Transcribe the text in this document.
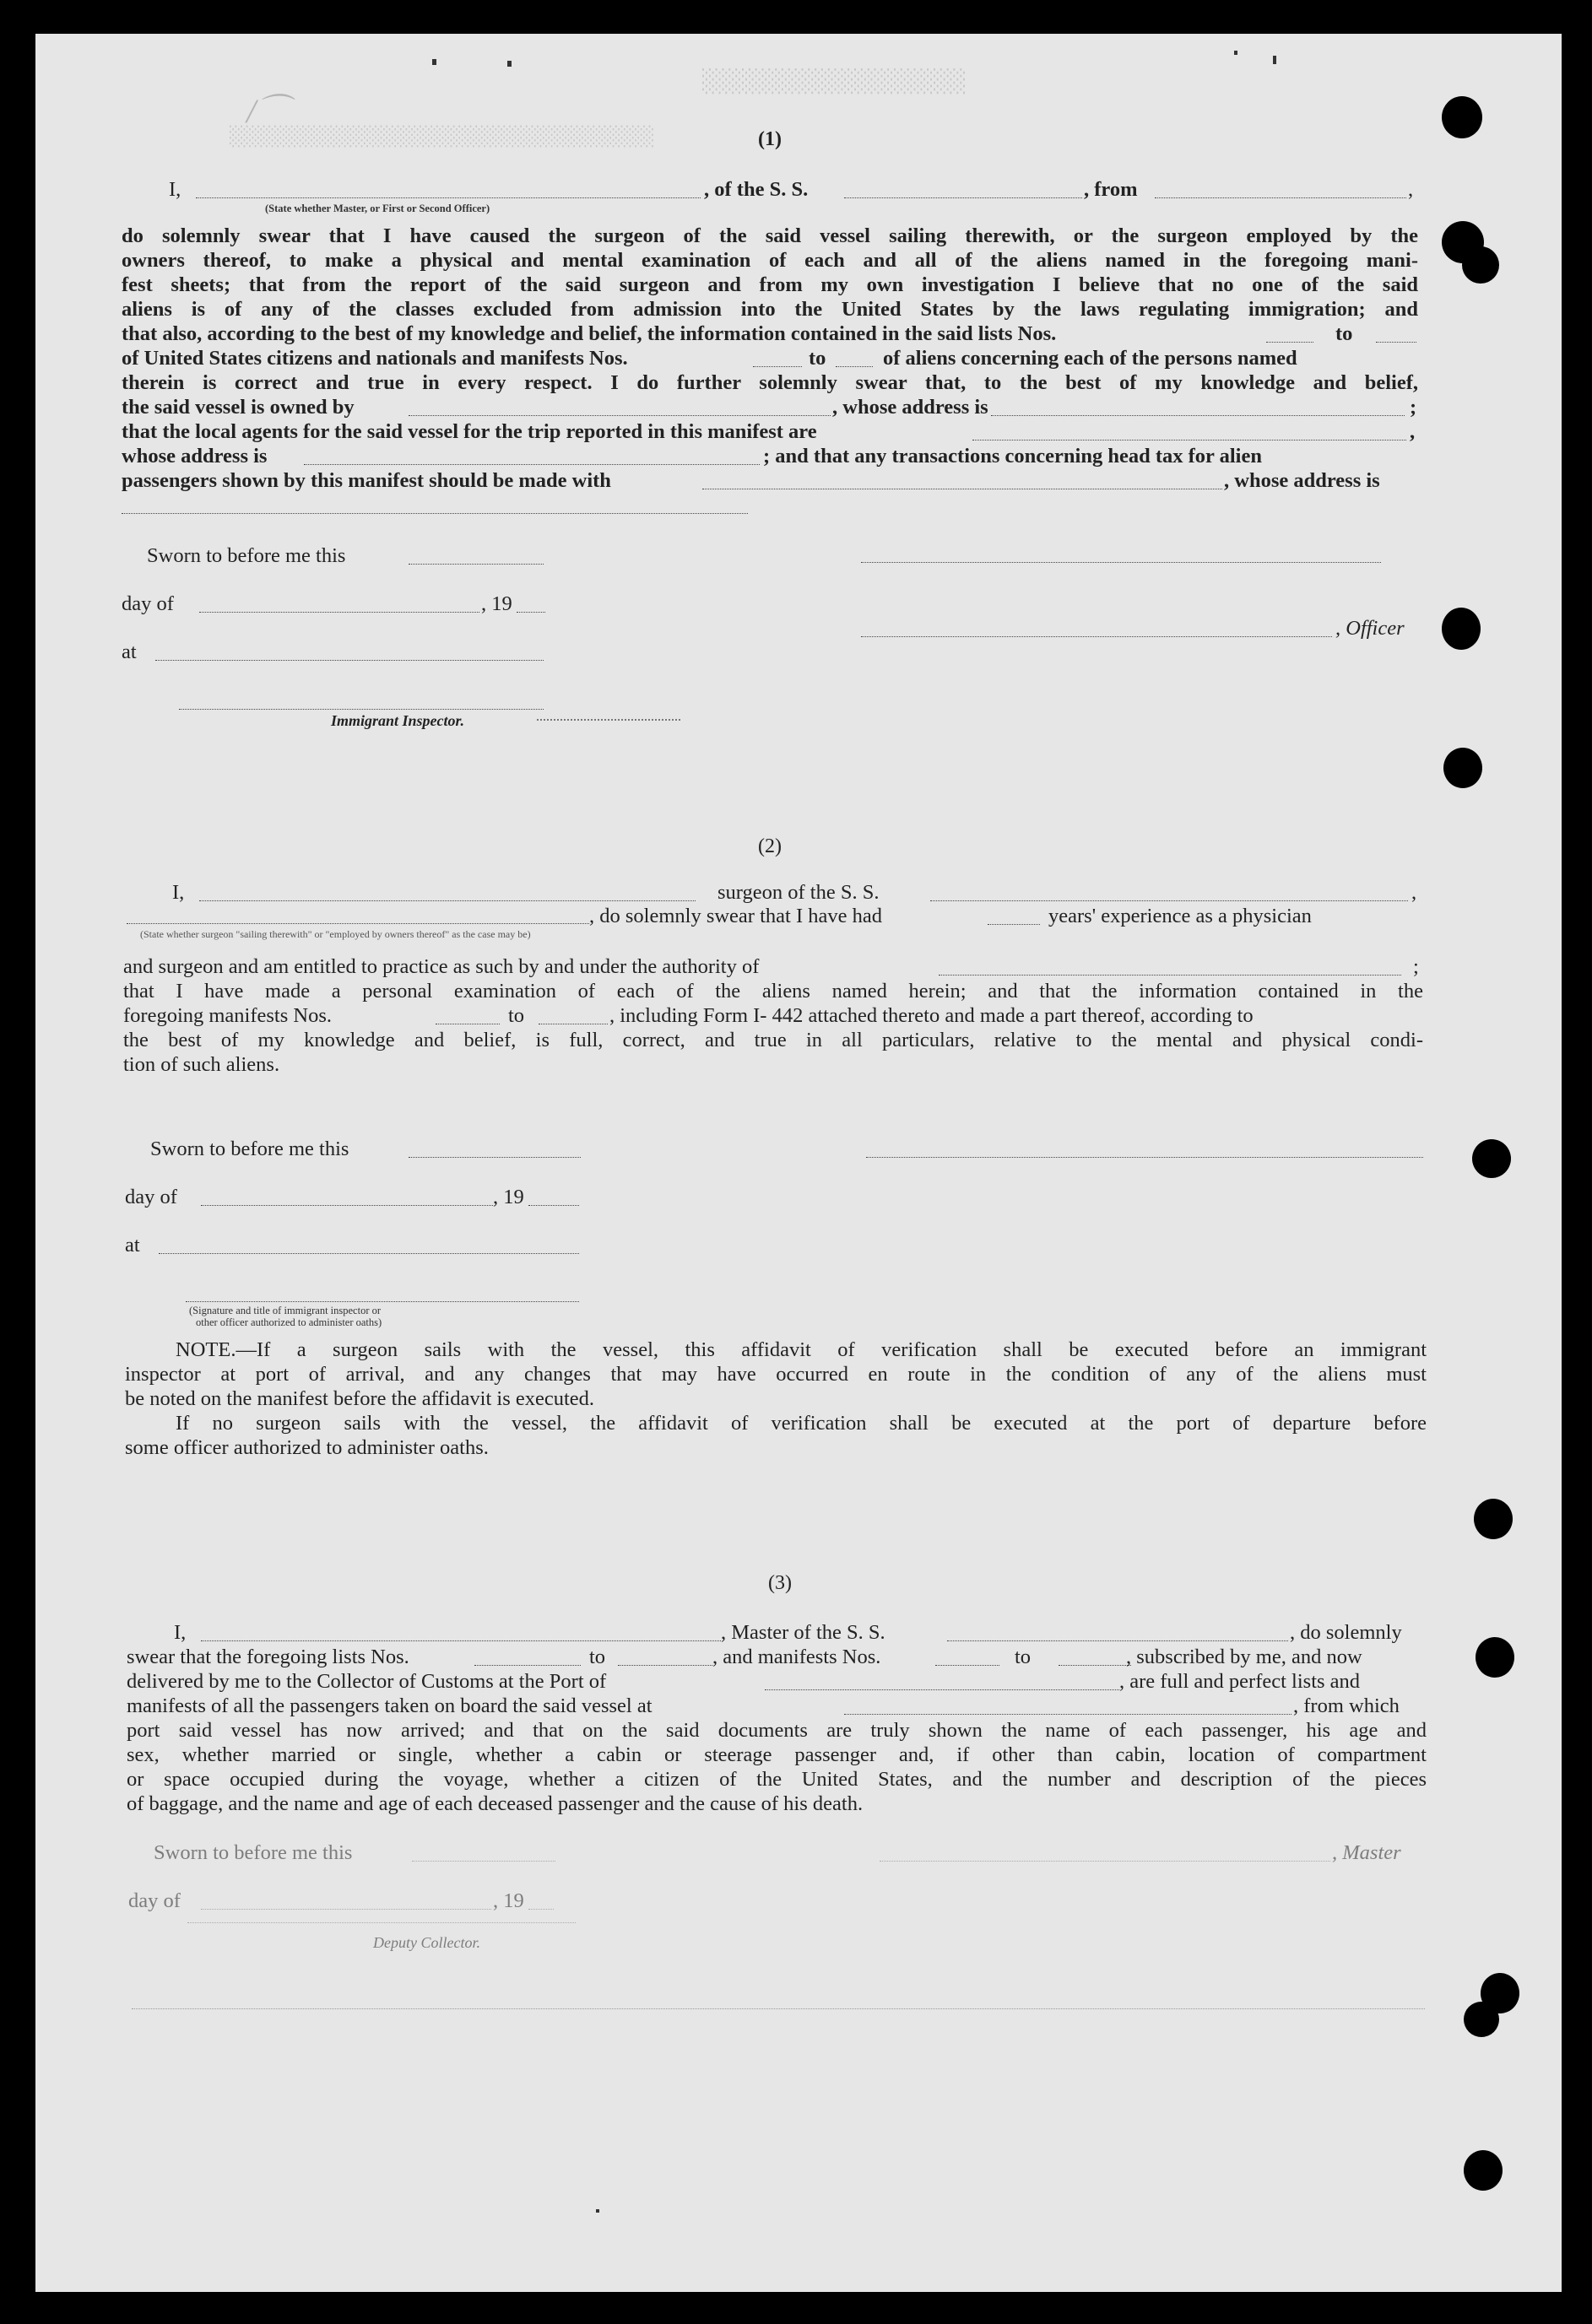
░░░░░░░░░░░░░░░░░░░░
░░░░░░░░░░░░░░░░░░░░░░░░░░░░░░░░░░░░░░
/⌒
(1)
I,
(State whether Master, or First or Second Officer)
, of the S. S.	, from	,
do solemnly swear that I have caused the surgeon of the said vessel sailing therewith, or the surgeon employed by the
owners thereof, to make a physical and mental examination of each and all of the aliens named in the foregoing mani-
fest sheets; that from the report of the said surgeon and from my own investigation I believe that no one of the said
aliens is of any of the classes excluded from admission into the United States by the laws regulating immigration; and
that also, according to the best of my knowledge and belief, the information contained in the said lists Nos.	to
of United States citizens and nationals and manifests Nos.	to	of aliens concerning each of the persons named
therein is correct and true in every respect. I do further solemnly swear that, to the best of my knowledge and belief,
the said vessel is owned by	, whose address is	;
that the local agents for the said vessel for the trip reported in this manifest are	,
whose address is	; and that any transactions concerning head tax for alien
passengers shown by this manifest should be made with	, whose address is
Sworn to before me this
day of	, 19
, Officer
at
Immigrant Inspector.
(2)
I,	surgeon of the S. S.	,
, do solemnly swear that I have had	years' experience as a physician
(State whether surgeon "sailing therewith" or "employed by owners thereof" as the case may be)
and surgeon and am entitled to practice as such by and under the authority of	;
that I have made a personal examination of each of the aliens named herein; and that the information contained in the
foregoing manifests Nos.	to	, including Form I- 442 attached thereto and made a part thereof, according to
the best of my knowledge and belief, is full, correct, and true in all particulars, relative to the mental and physical condi-
tion of such aliens.
Sworn to before me this
day of	, 19
at
(Signature and title of immigrant inspector or
other officer authorized to administer oaths)
NOTE.—If a surgeon sails with the vessel, this affidavit of verification shall be executed before an immigrant
inspector at port of arrival, and any changes that may have occurred en route in the condition of any of the aliens must
be noted on the manifest before the affidavit is executed.
If no surgeon sails with the vessel, the affidavit of verification shall be executed at the port of departure before
some officer authorized to administer oaths.
(3)
I,	, Master of the S. S.	, do solemnly
swear that the foregoing lists Nos.	to	, and manifests Nos.	to	, subscribed by me, and now
delivered by me to the Collector of Customs at the Port of	, are full and perfect lists and
manifests of all the passengers taken on board the said vessel at	, from which
port said vessel has now arrived; and that on the said documents are truly shown the name of each passenger, his age and
sex, whether married or single, whether a cabin or steerage passenger and, if other than cabin, location of compartment
or space occupied during the voyage, whether a citizen of the United States, and the number and description of the pieces
of baggage, and the name and age of each deceased passenger and the cause of his death.
Sworn to before me this	, Master
day of	, 19
Deputy Collector.
